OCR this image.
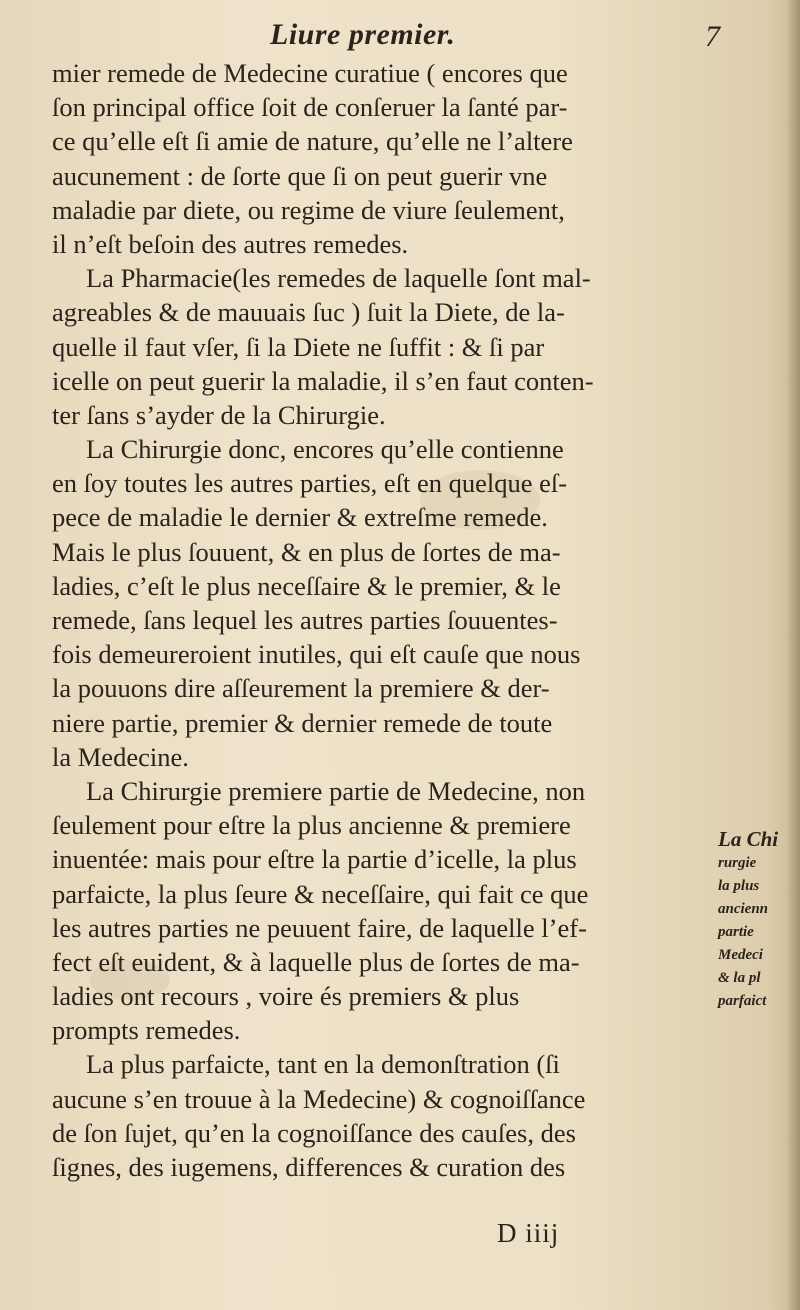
Liure premier.	7
mier remede de Medecine curatiue ( encores que
ſon principal office ſoit de conſeruer la ſanté par-
ce qu’elle eſt ſi amie de nature, qu’elle ne l’altere
aucunement : de ſorte que ſi on peut guerir vne
maladie par diete, ou regime de viure ſeulement,
il n’eſt beſoin des autres remedes.
La Pharmacie(les remedes de laquelle ſont mal-
agreables & de mauuais ſuc ) ſuit la Diete, de la-
quelle il faut vſer, ſi la Diete ne ſuffit : & ſi par
icelle on peut guerir la maladie, il s’en faut conten-
ter ſans s’ayder de la Chirurgie.
La Chirurgie donc, encores qu’elle contienne
en ſoy toutes les autres parties, eſt en quelque eſ-
pece de maladie le dernier & extreſme remede.
Mais le plus ſouuent, & en plus de ſortes de ma-
ladies, c’eſt le plus neceſſaire & le premier, & le
remede, ſans lequel les autres parties ſouuentes-
fois demeureroient inutiles, qui eſt cauſe que nous
la pouuons dire aſſeurement la premiere & der-
niere partie, premier & dernier remede de toute
la Medecine.
La Chirurgie premiere partie de Medecine, non
ſeulement pour eſtre la plus ancienne & premiere
inuentée: mais pour eſtre la partie d’icelle, la plus
parfaicte, la plus ſeure & neceſſaire, qui fait ce que
les autres parties ne peuuent faire, de laquelle l’ef-
fect eſt euident, & à laquelle plus de ſortes de ma-
ladies ont recours , voire és premiers & plus
prompts remedes.
La plus parfaicte, tant en la demonſtration (ſi
aucune s’en trouue à la Medecine) & cognoiſſance
de ſon ſujet, qu’en la cognoiſſance des cauſes, des
ſignes, des iugemens, differences & curation des
La Chi
rurgie
la plus
ancienn
partie
Medeci
& la pl
parfaict
D iiij
